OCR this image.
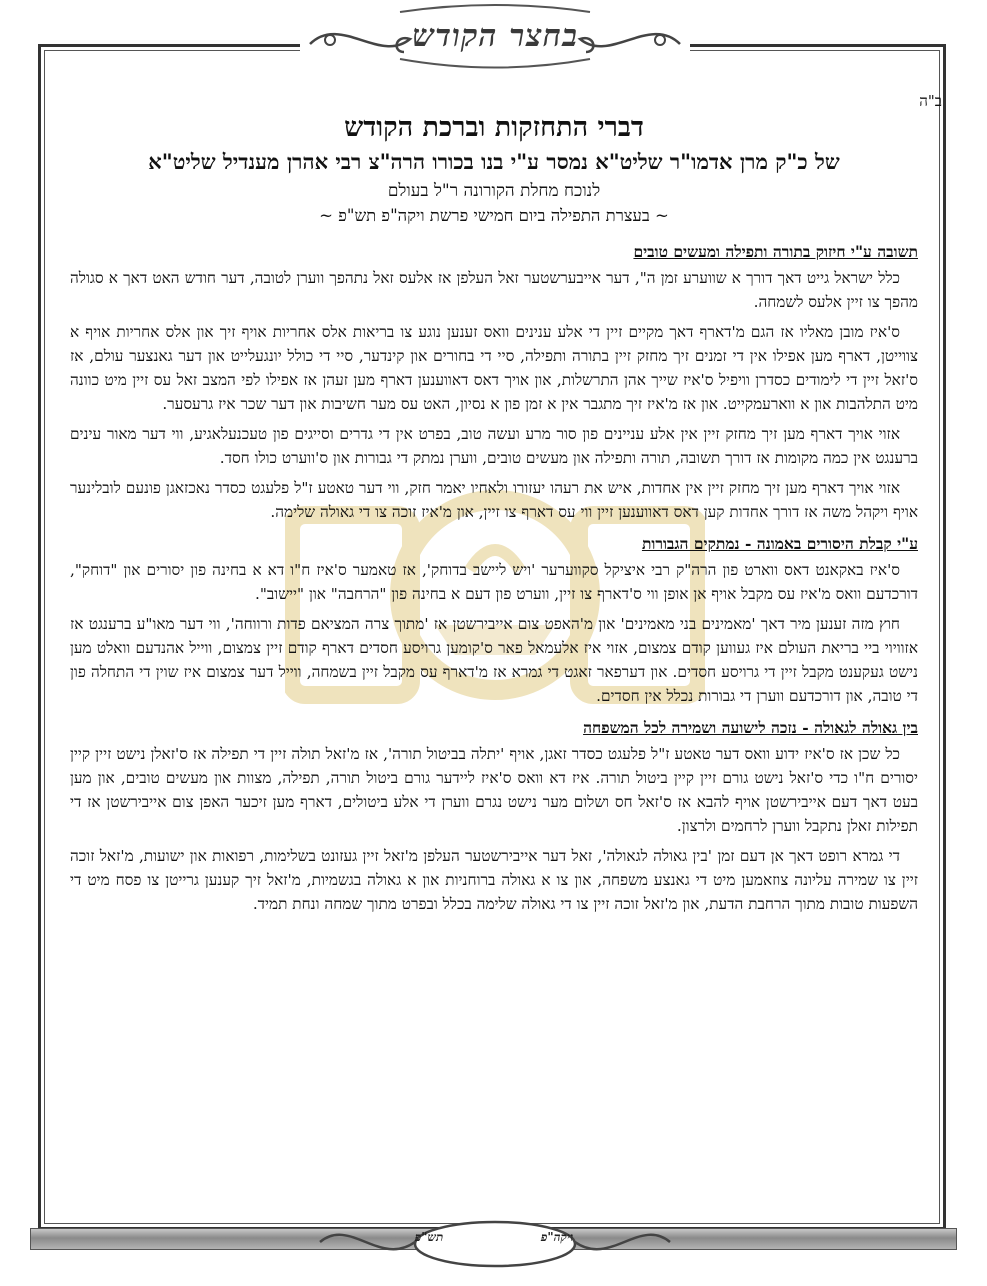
בחצר הקודש
ב"ה
דברי התחזקות וברכת הקודש
של כ"ק מרן אדמו"ר שליט"א נמסר ע"י בנו בכורו הרה"צ רבי אהרן מענדיל שליט"א
לנוכח מחלת הקורונה ר"ל בעולם
~ בעצרת התפילה ביום חמישי פרשת ויקה"פ תש"פ ~
תשובה ע"י חיזוק בתורה ותפילה ומעשים טובים

כלל ישראל גייט דאך דורך א שווערע זמן ה", דער אייבערשטער זאל העלפן אז אלעס זאל נתהפך ווערן לטובה, דער חודש האט דאך א סגולה מהפך צו זיין אלעס לשמחה.

ס'איז מובן מאליו אז הגם מ'דארף דאך מקיים זיין די אלע ענינים וואס זענען נוגע צו בריאות אלס אחריות אויף זיך און אלס אחריות אויף א צווייטן, דארף מען אפילו אין די זמנים זיך מחזק זיין בתורה ותפילה, סיי די בחורים און קינדער, סיי די כולל יונגעלייט און דער גאנצער עולם, אז ס'זאל זיין די לימודים כסדרן וויפיל ס'איז שייך אהן התרשלות, און אויך דאס דאווענען דארף מען זעהן אז אפילו לפי המצב זאל עס זיין מיט כוונה מיט התלהבות און א ווארעמקייט. און אז מ'איז זיך מתגבר אין א זמן פון א נסיון, האט עס מער חשיבות און דער שכר איז גרעסער.

אזוי אויך דארף מען זיך מחזק זיין אין אלע עניינים פון סור מרע ועשה טוב, בפרט אין די גדרים וסייגים פון טעכנעלאגיע, ווי דער מאור עינים ברענגט אין כמה מקומות אז דורך תשובה, תורה ותפילה און מעשים טובים, ווערן נמתק די גבורות און ס'ווערט כולו חסד.

אזוי אויך דארף מען זיך מחזק זיין אין אחדות, איש את רעהו יעזורו ולאחיו יאמר חזק, ווי דער טאטע ז"ל פלעגט כסדר נאכזאגן פונעם לובלינער אויף ויקהל משה אז דורך אחדות קען דאס דאווענען זיין ווי עס דארף צו זיין, און מ'איז זוכה צו די גאולה שלימה.

ע"י קבלת היסורים באמונה - נמתקים הגבורות

ס'איז באקאנט דאס ווארט פון הרה"ק רבי איציקל סקווערער 'ויש ליישב בדוחק', אז טאמער ס'איז ח"ו דא א בחינה פון יסורים און "דוחק", דורכדעם וואס מ'איז עס מקבל אויף אן אופן ווי ס'דארף צו זיין, ווערט פון דעם א בחינה פון "הרחבה" און "יישוב".

חוץ מזה זענען מיר דאך 'מאמינים בני מאמינים' און מ'האפט צום אייבירשטן אז 'מתוך צרה המציאם פדות ורווחה', ווי דער מאו"ע ברענגט אז אזוויוי ביי בריאת העולם איז געווען קודם צמצום, אזוי איז אלעמאל פאר ס'קומען גרויסע חסדים דארף קודם זיין צמצום, ווייל אהנדעם וואלט מען נישט געקענט מקבל זיין די גרויסע חסדים. און דערפאר זאגט די גמרא אז מ'דארף עס מקבל זיין בשמחה, ווייל דער צמצום איז שוין די התחלה פון די טובה, און דורכדעם ווערן די גבורות נכלל אין חסדים.

בין גאולה לגאולה - נזכה לישועה ושמירה לכל המשפחה

כל שכן אז ס'איז ידוע וואס דער טאטע ז"ל פלעגט כסדר זאגן, אויף 'יתלה בביטול תורה', אז מ'זאל תולה זיין די תפילה אז ס'זאלן נישט זיין קיין יסורים ח"ו כדי ס'זאל נישט גורם זיין קיין ביטול תורה. איז דא וואס ס'איז ליידער גורם ביטול תורה, תפילה, מצוות און מעשים טובים, און מען בעט דאך דעם אייבירשטן אויף להבא אז ס'זאל חס ושלום מער נישט נגרם ווערן די אלע ביטולים, דארף מען זיכער האפן צום אייבירשטן אז די תפילות זאלן נתקבל ווערן לרחמים ולרצון.

די גמרא רופט דאך אן דעם זמן 'בין גאולה לגאולה', זאל דער אייבירשטער העלפן מ'זאל זיין געזונט בשלימות, רפואות און ישועות, מ'זאל זוכה זיין צו שמירה עליונה צוזאמען מיט די גאנצע משפחה, און צו א גאולה ברוחניות און א גאולה בגשמיות, מ'זאל זיך קענען גרייטן צו פסח מיט די השפעות טובות מתוך הרחבת הדעת, און מ'זאל זוכה זיין צו די גאולה שלימה בכלל ובפרט מתוך שמחה ונחת תמיד.

ויקה"פ
תש"פ
